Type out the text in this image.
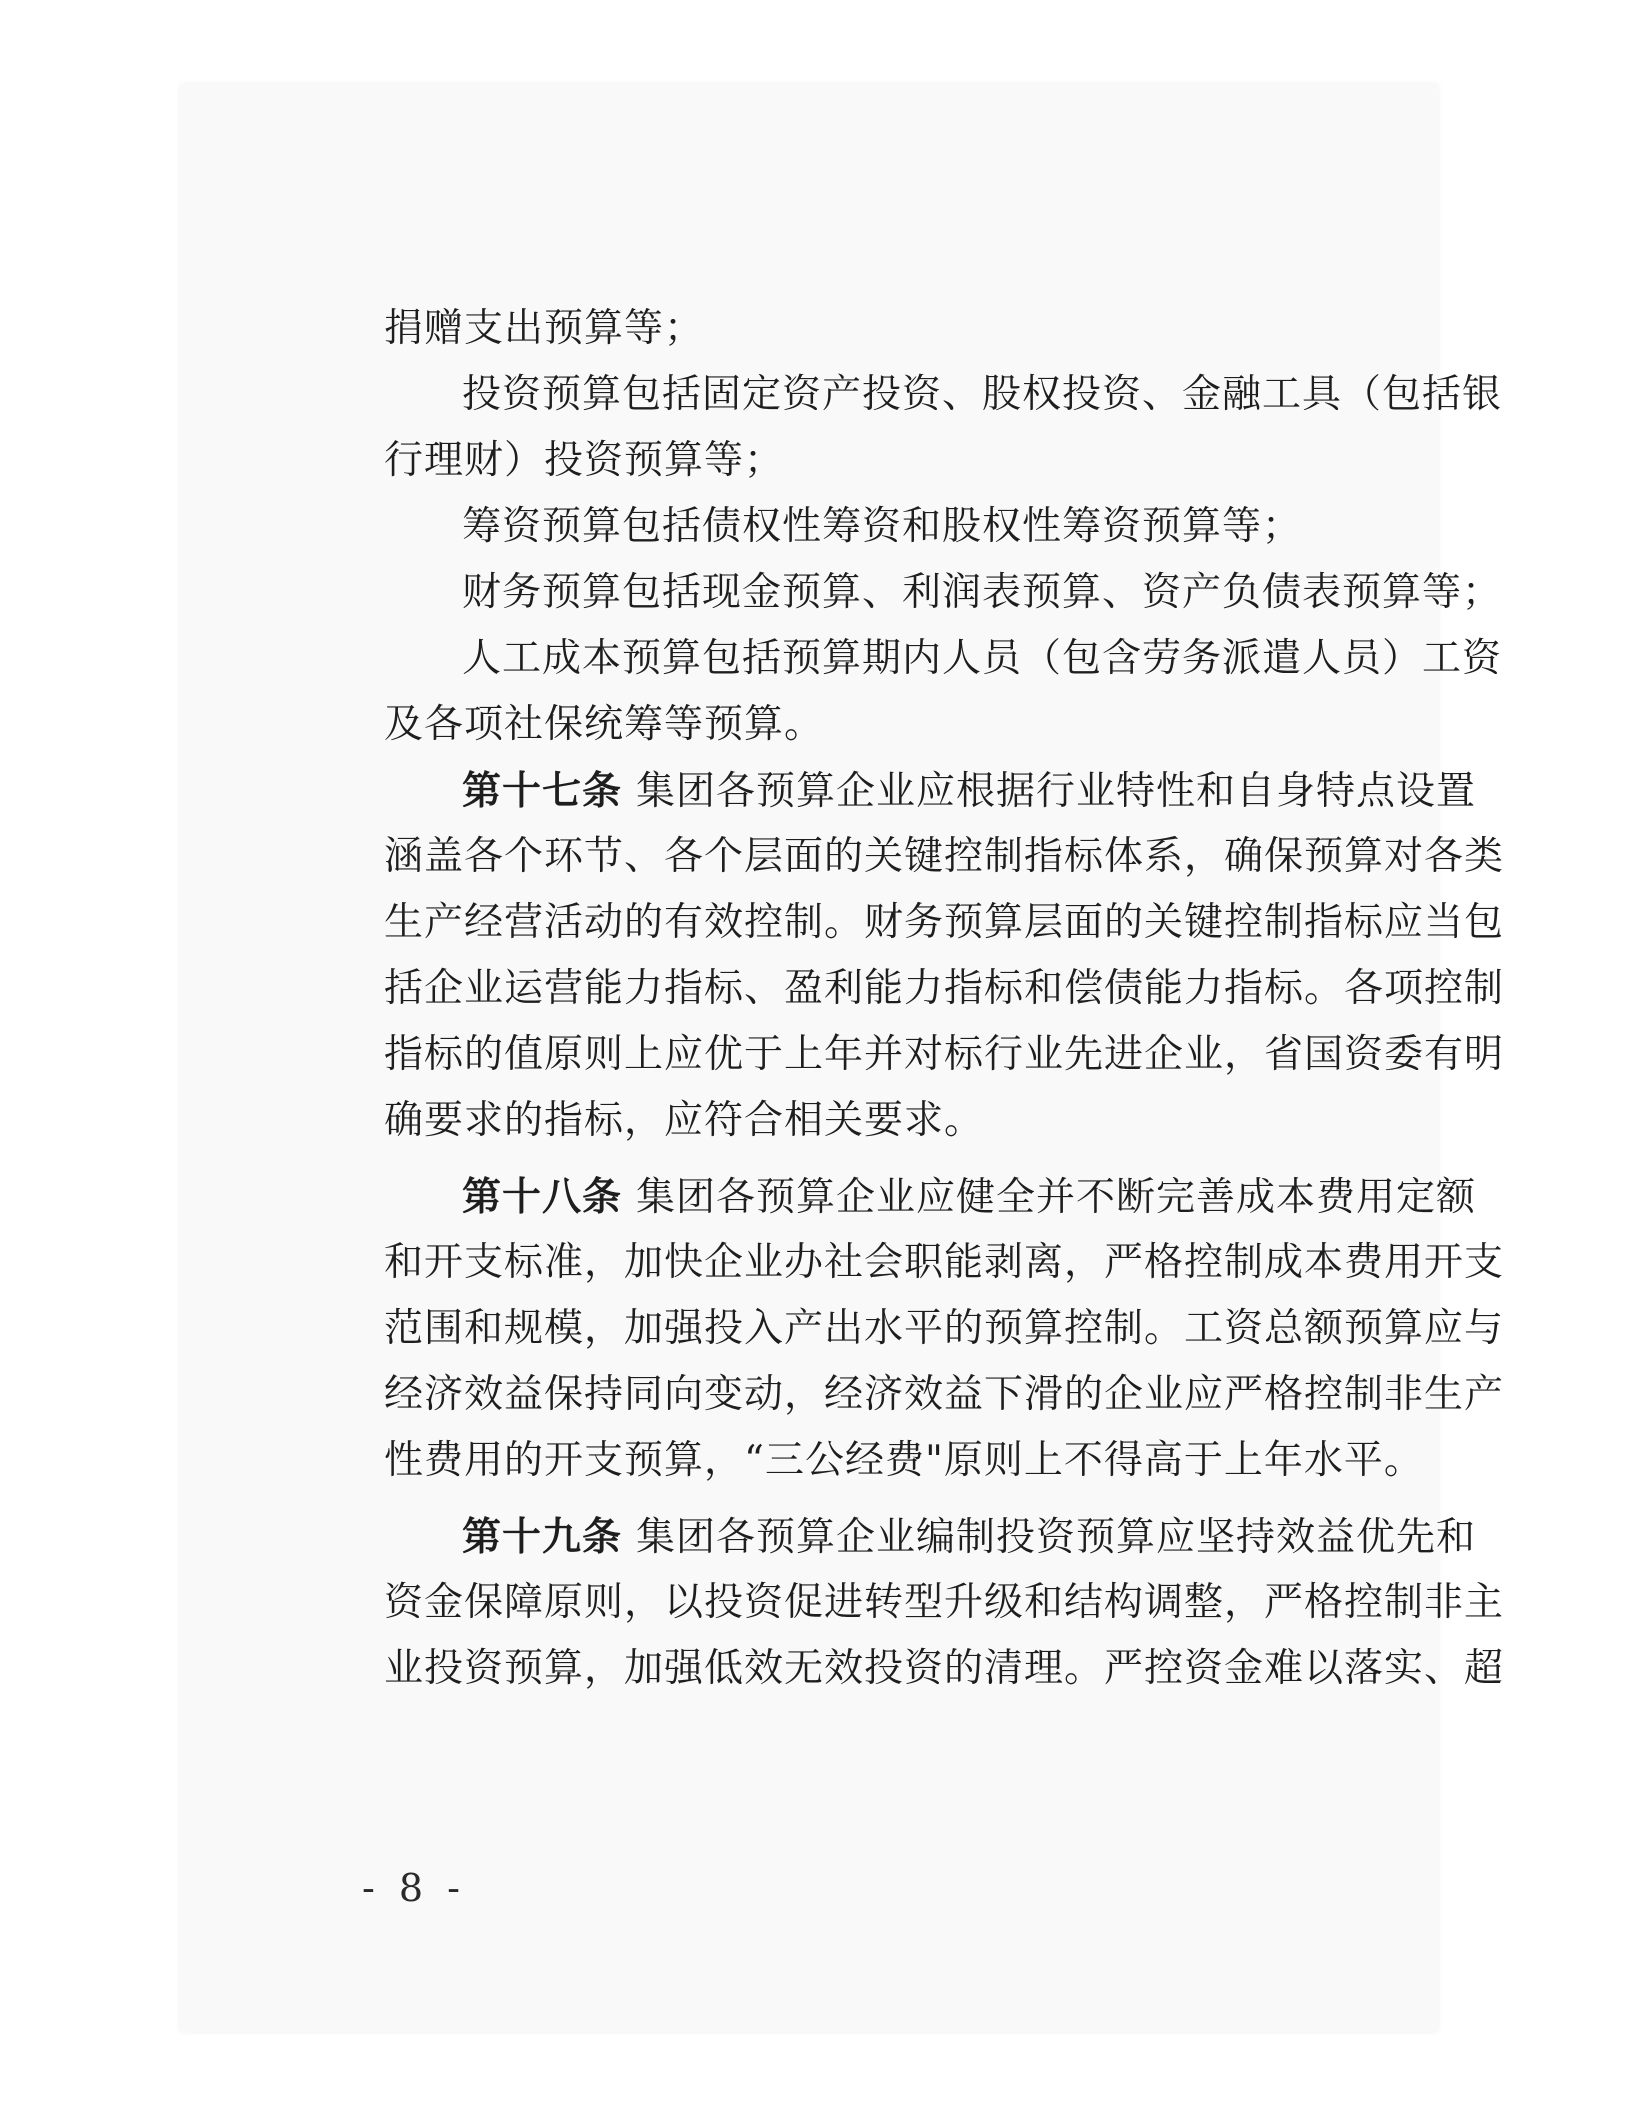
捐赠支出预算等；
投资预算包括固定资产投资、股权投资、金融工具（包括银
行理财）投资预算等；
筹资预算包括债权性筹资和股权性筹资预算等；
财务预算包括现金预算、利润表预算、资产负债表预算等；
人工成本预算包括预算期内人员（包含劳务派遣人员）工资
及各项社保统筹等预算。
第十七条 集团各预算企业应根据行业特性和自身特点设置
涵盖各个环节、各个层面的关键控制指标体系，确保预算对各类
生产经营活动的有效控制。财务预算层面的关键控制指标应当包
括企业运营能力指标、盈利能力指标和偿债能力指标。各项控制
指标的值原则上应优于上年并对标行业先进企业，省国资委有明
确要求的指标，应符合相关要求。
第十八条 集团各预算企业应健全并不断完善成本费用定额
和开支标准，加快企业办社会职能剥离，严格控制成本费用开支
范围和规模，加强投入产出水平的预算控制。工资总额预算应与
经济效益保持同向变动，经济效益下滑的企业应严格控制非生产
性费用的开支预算，“三公经费"原则上不得高于上年水平。
第十九条 集团各预算企业编制投资预算应坚持效益优先和
资金保障原则，以投资促进转型升级和结构调整，严格控制非主
业投资预算，加强低效无效投资的清理。严控资金难以落实、超
- 8 -
